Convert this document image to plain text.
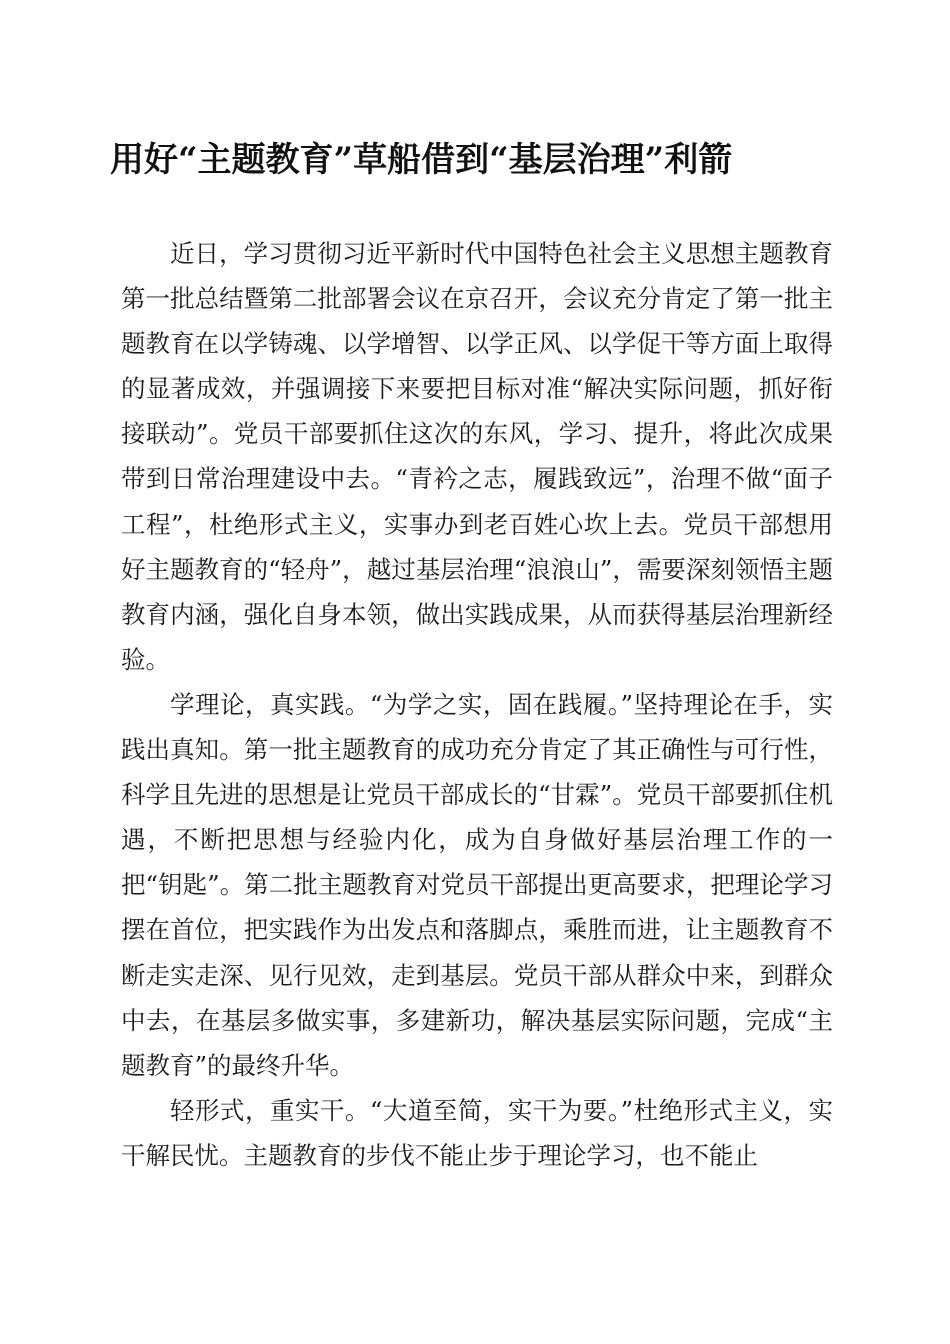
用好“主题教育”草船借到“基层治理”利箭

近日，学习贯彻习近平新时代中国特色社会主义思想主题教育第一批总结暨第二批部署会议在京召开，会议充分肯定了第一批主题教育在以学铸魂、以学增智、以学正风、以学促干等方面上取得的显著成效，并强调接下来要把目标对准“解决实际问题，抓好衔接联动”。党员干部要抓住这次的东风，学习、提升，将此次成果带到日常治理建设中去。“青衿之志，履践致远”，治理不做“面子工程”，杜绝形式主义，实事办到老百姓心坎上去。党员干部想用好主题教育的“轻舟”，越过基层治理“浪浪山”，需要深刻领悟主题教育内涵，强化自身本领，做出实践成果，从而获得基层治理新经验。

学理论，真实践。“为学之实，固在践履。”坚持理论在手，实践出真知。第一批主题教育的成功充分肯定了其正确性与可行性，科学且先进的思想是让党员干部成长的“甘霖”。党员干部要抓住机遇，不断把思想与经验内化，成为自身做好基层治理工作的一把“钥匙”。第二批主题教育对党员干部提出更高要求，把理论学习摆在首位，把实践作为出发点和落脚点，乘胜而进，让主题教育不断走实走深、见行见效，走到基层。党员干部从群众中来，到群众中去，在基层多做实事，多建新功，解决基层实际问题，完成“主题教育”的最终升华。

轻形式，重实干。“大道至简，实干为要。”杜绝形式主义，实干解民忧。主题教育的步伐不能止步于理论学习，也不能止
